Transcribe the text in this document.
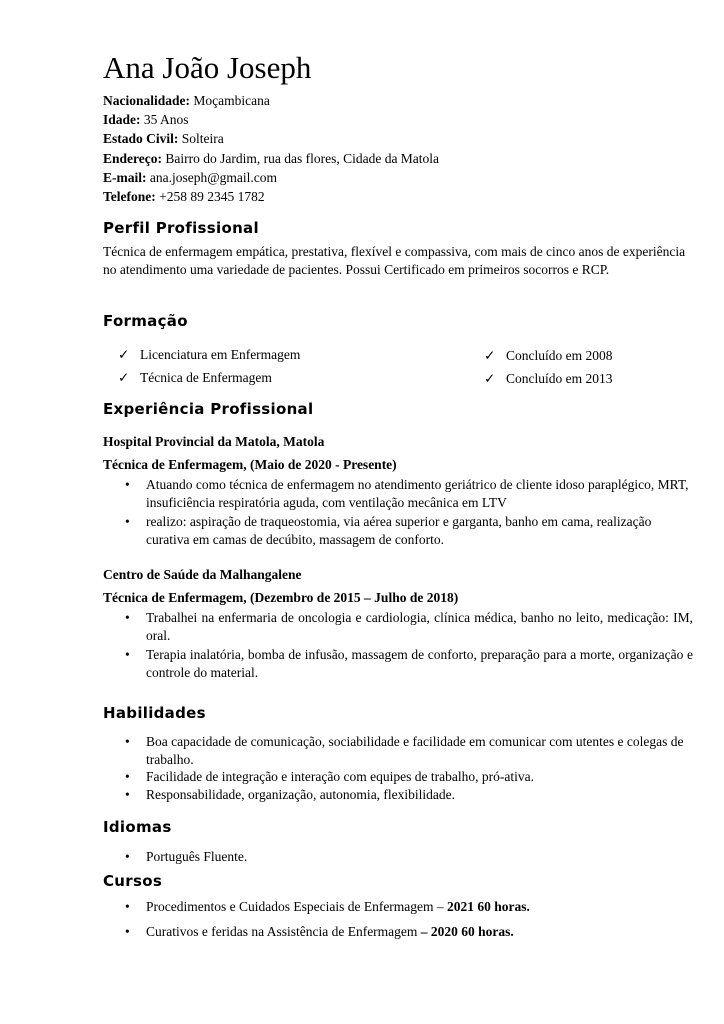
Ana João Joseph
Nacionalidade: Moçambicana
Idade: 35 Anos
Estado Civil: Solteira
Endereço: Bairro do Jardim, rua das flores, Cidade da Matola
E-mail: ana.joseph@gmail.com
Telefone: +258 89 2345 1782
Perfil Profissional
Técnica de enfermagem empática, prestativa, flexível e compassiva, com mais de cinco anos de experiência no atendimento uma variedade de pacientes. Possui Certificado em primeiros socorros e RCP.
Formação
✓ Licenciatura em Enfermagem	✓ Concluído em 2008
✓ Técnica de Enfermagem	✓ Concluído em 2013
Experiência Profissional
Hospital Provincial da Matola, Matola
Técnica de Enfermagem, (Maio de 2020 - Presente)
• Atuando como técnica de enfermagem no atendimento geriátrico de cliente idoso paraplégico, MRT, insuficiência respiratória aguda, com ventilação mecânica em LTV
• realizo: aspiração de traqueostomia, via aérea superior e garganta, banho em cama, realização curativa em camas de decúbito, massagem de conforto.
Centro de Saúde da Malhangalene
Técnica de Enfermagem, (Dezembro de 2015 – Julho de 2018)
• Trabalhei na enfermaria de oncologia e cardiologia, clínica médica, banho no leito, medicação: IM, oral.
• Terapia inalatória, bomba de infusão, massagem de conforto, preparação para a morte, organização e controle do material.
Habilidades
• Boa capacidade de comunicação, sociabilidade e facilidade em comunicar com utentes e colegas de trabalho.
• Facilidade de integração e interação com equipes de trabalho, pró-ativa.
• Responsabilidade, organização, autonomia, flexibilidade.
Idiomas
• Português Fluente.
Cursos
• Procedimentos e Cuidados Especiais de Enfermagem – 2021 60 horas.
• Curativos e feridas na Assistência de Enfermagem – 2020 60 horas.
